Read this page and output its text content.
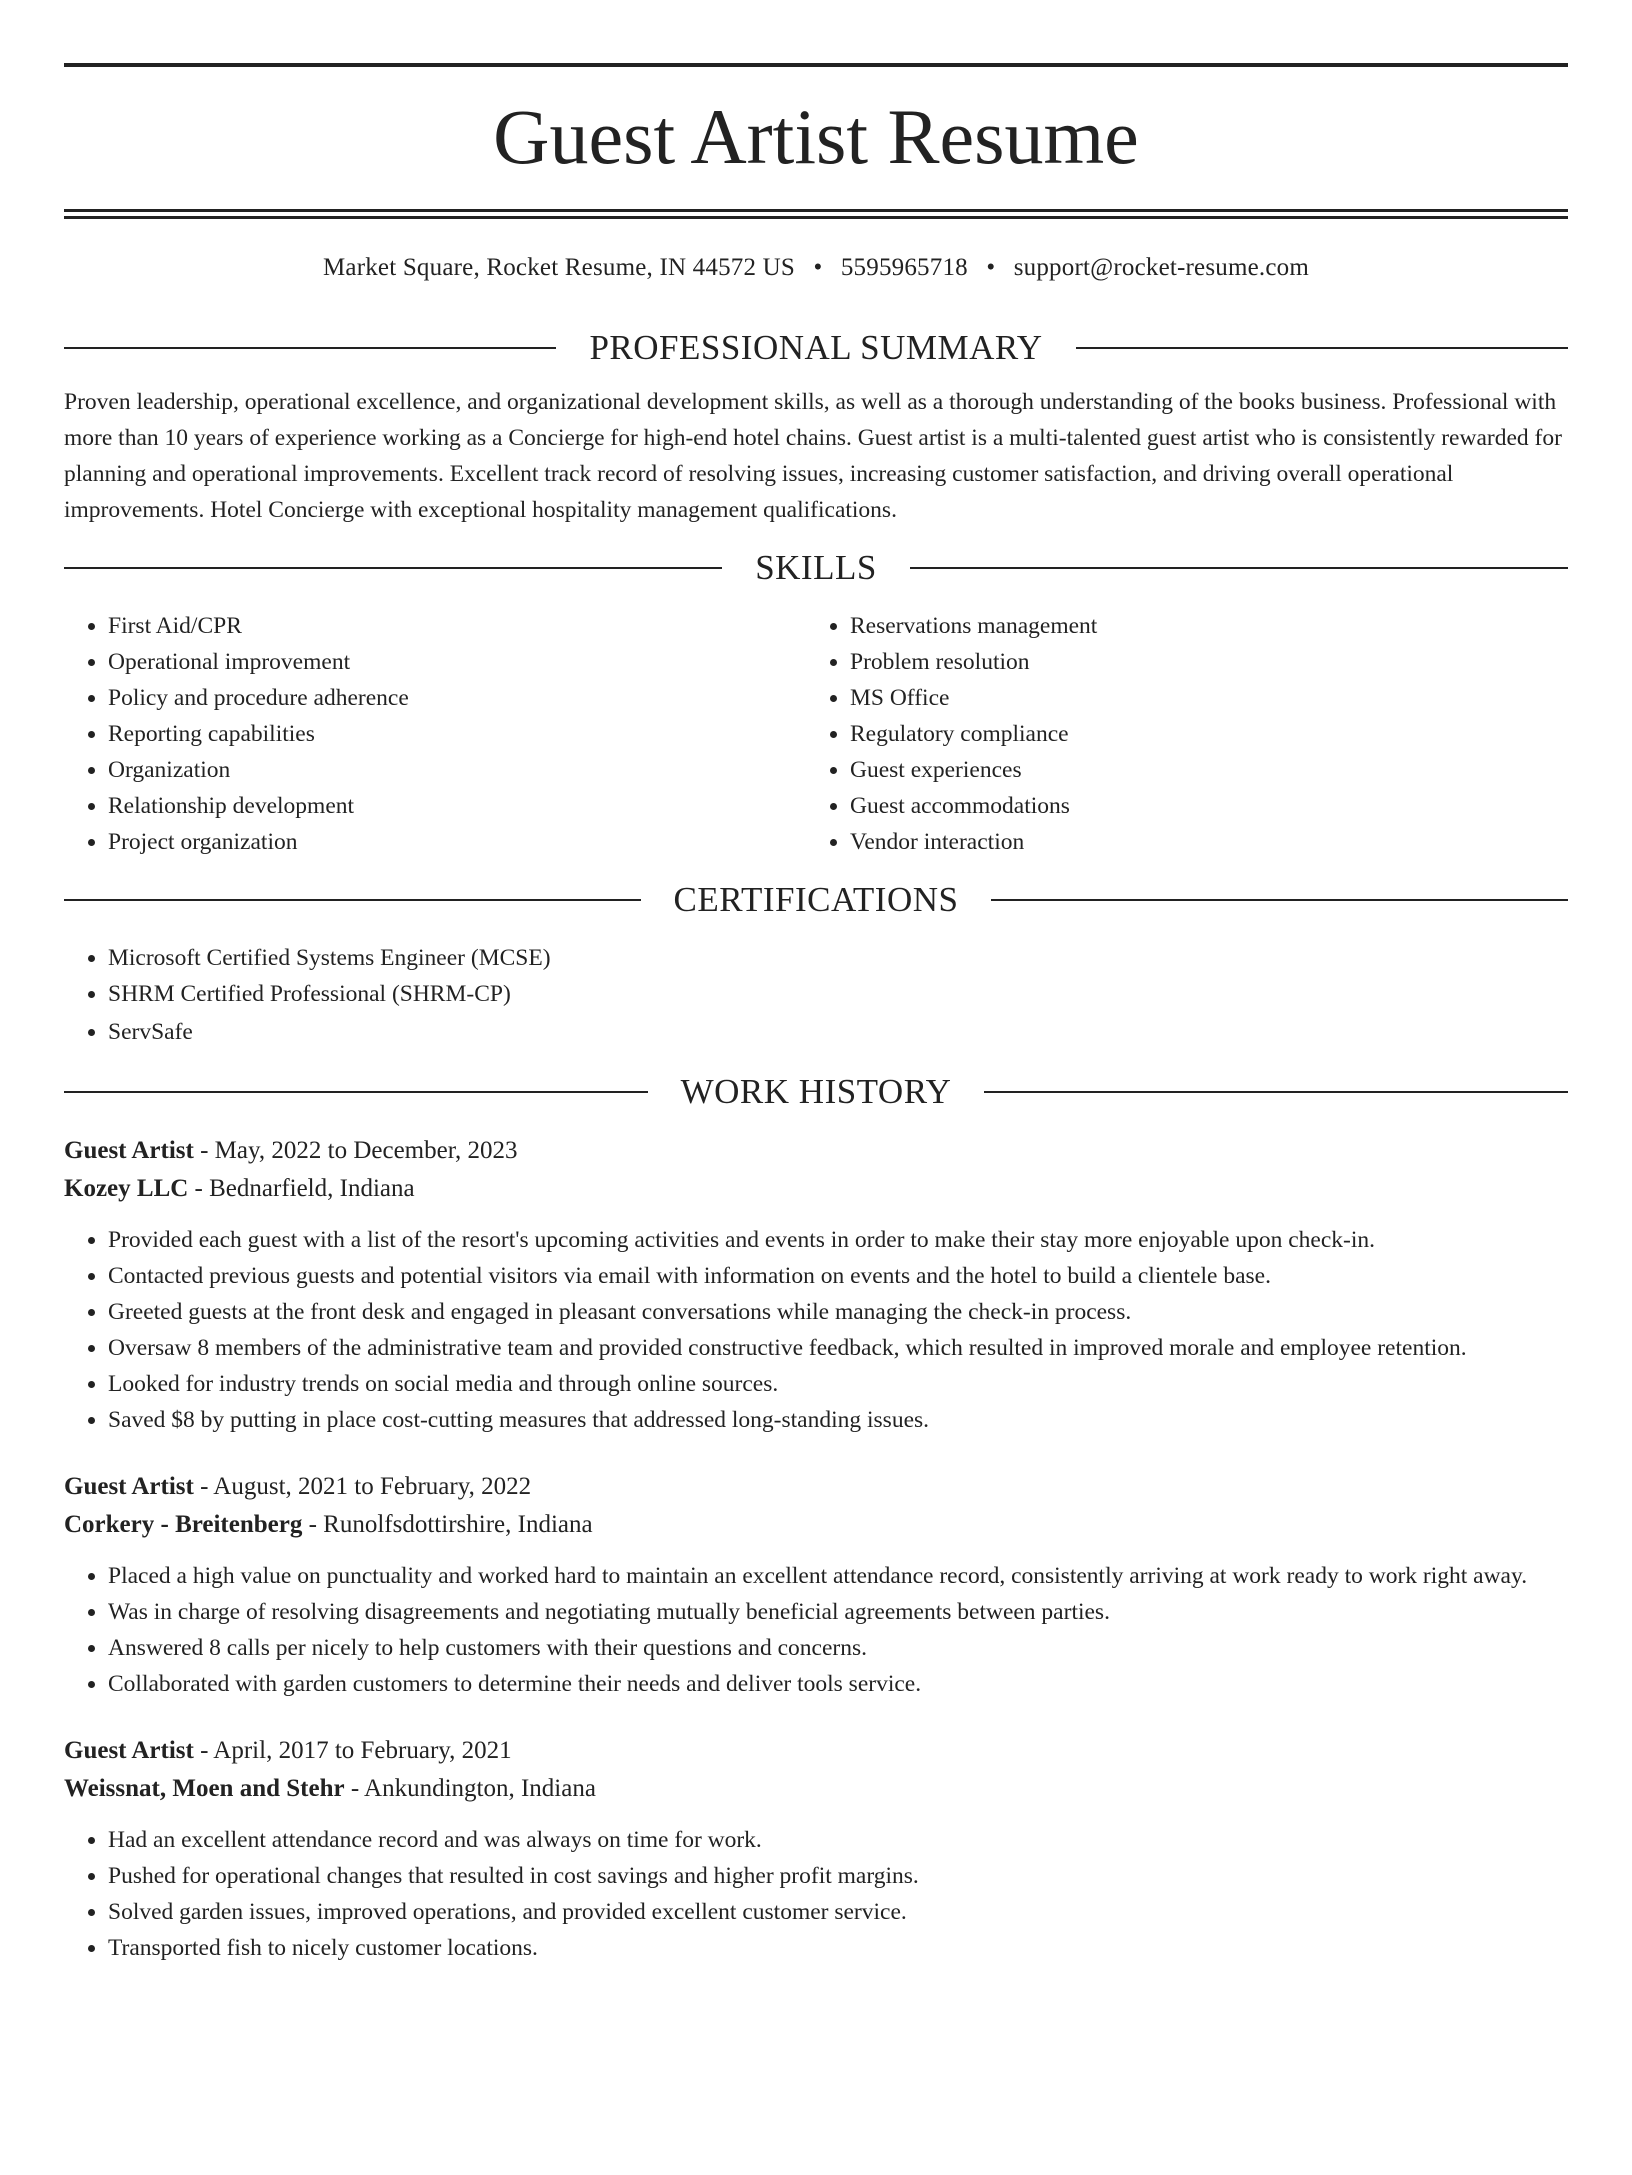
Guest Artist Resume
Market Square, Rocket Resume, IN 44572 US • 5595965718 • support@rocket-resume.com
PROFESSIONAL SUMMARY

Proven leadership, operational excellence, and organizational development skills, as well as a thorough understanding of the books business. Professional with more than 10 years of experience working as a Concierge for high-end hotel chains. Guest artist is a multi-talented guest artist who is consistently rewarded for planning and operational improvements. Excellent track record of resolving issues, increasing customer satisfaction, and driving overall operational improvements. Hotel Concierge with exceptional hospitality management qualifications.

SKILLS
• First Aid/CPR
• Operational improvement
• Policy and procedure adherence
• Reporting capabilities
• Organization
• Relationship development
• Project organization
• Reservations management
• Problem resolution
• MS Office
• Regulatory compliance
• Guest experiences
• Guest accommodations
• Vendor interaction
CERTIFICATIONS
• Microsoft Certified Systems Engineer (MCSE)
• SHRM Certified Professional (SHRM-CP)
• ServSafe
WORK HISTORY
Guest Artist - May, 2022 to December, 2023
Kozey LLC - Bednarfield, Indiana
• Provided each guest with a list of the resort's upcoming activities and events in order to make their stay more enjoyable upon check-in.
• Contacted previous guests and potential visitors via email with information on events and the hotel to build a clientele base.
• Greeted guests at the front desk and engaged in pleasant conversations while managing the check-in process.
• Oversaw 8 members of the administrative team and provided constructive feedback, which resulted in improved morale and employee retention.
• Looked for industry trends on social media and through online sources.
• Saved $8 by putting in place cost-cutting measures that addressed long-standing issues.
Guest Artist - August, 2021 to February, 2022
Corkery - Breitenberg - Runolfsdottirshire, Indiana
• Placed a high value on punctuality and worked hard to maintain an excellent attendance record, consistently arriving at work ready to work right away.
• Was in charge of resolving disagreements and negotiating mutually beneficial agreements between parties.
• Answered 8 calls per nicely to help customers with their questions and concerns.
• Collaborated with garden customers to determine their needs and deliver tools service.
Guest Artist - April, 2017 to February, 2021
Weissnat, Moen and Stehr - Ankundington, Indiana
• Had an excellent attendance record and was always on time for work.
• Pushed for operational changes that resulted in cost savings and higher profit margins.
• Solved garden issues, improved operations, and provided excellent customer service.
• Transported fish to nicely customer locations.
